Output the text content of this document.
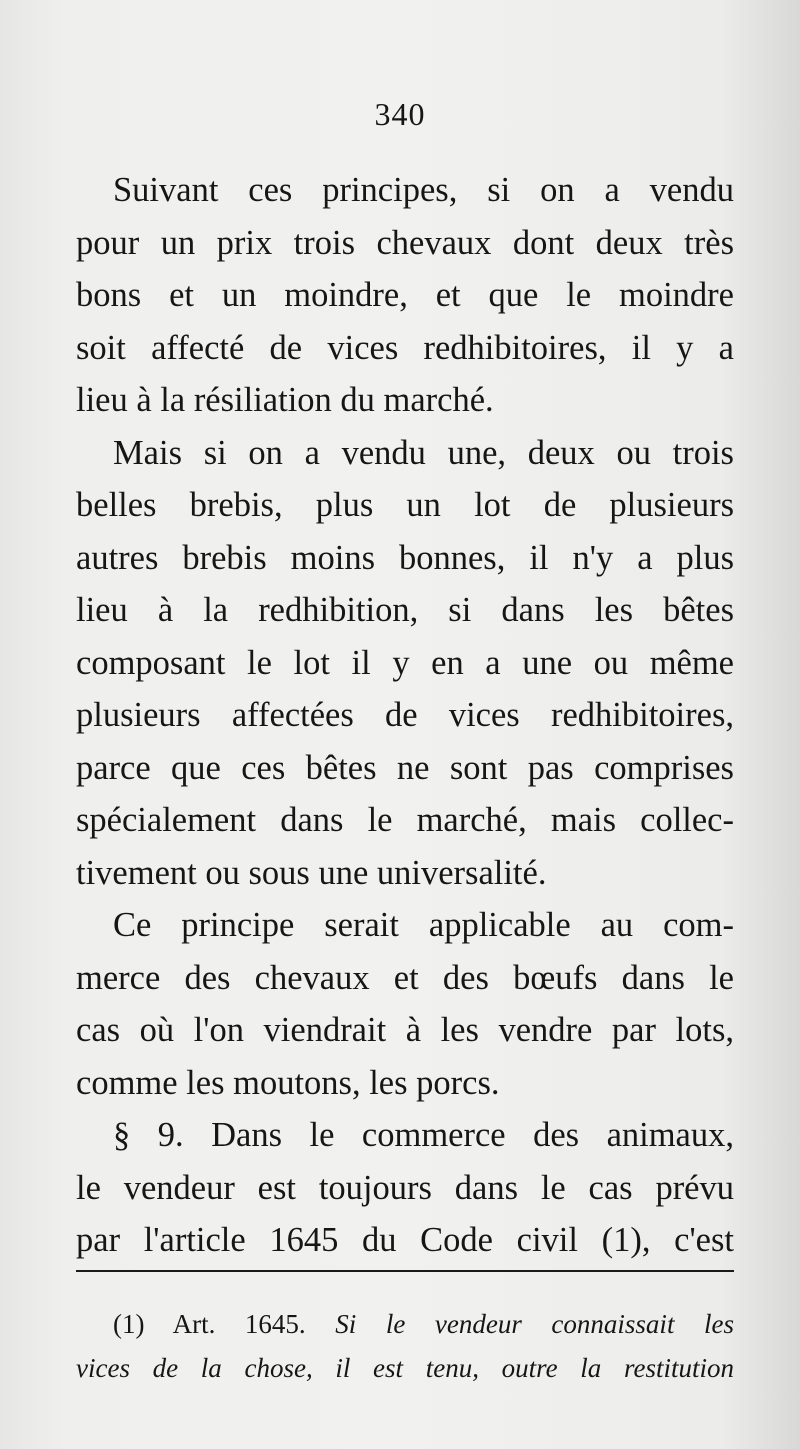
340

Suivant ces principes, si on a vendu
pour un prix trois chevaux dont deux très
bons et un moindre, et que le moindre
soit affecté de vices redhibitoires, il y a
lieu à la résiliation du marché.

Mais si on a vendu une, deux ou trois
belles brebis, plus un lot de plusieurs
autres brebis moins bonnes, il n'y a plus
lieu à la redhibition, si dans les bêtes
composant le lot il y en a une ou même
plusieurs affectées de vices redhibitoires,
parce que ces bêtes ne sont pas comprises
spécialement dans le marché, mais collec-
tivement ou sous une universalité.

Ce principe serait applicable au com-
merce des chevaux et des bœufs dans le
cas où l'on viendrait à les vendre par lots,
comme les moutons, les porcs.

§ 9. Dans le commerce des animaux,
le vendeur est toujours dans le cas prévu
par l'article 1645 du Code civil (1), c'est

(1) Art. 1645. Si le vendeur connaissait les
vices de la chose, il est tenu, outre la restitution
